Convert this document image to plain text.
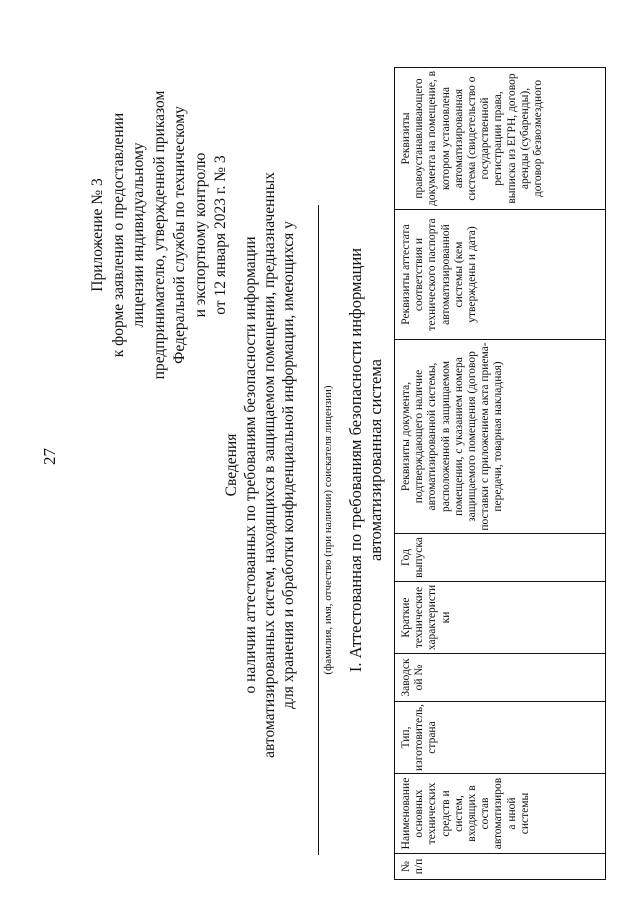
27
Приложение № 3 к форме заявления о предоставлении лицензии индивидуальному предпринимателю, утвержденной приказом Федеральной службы по техническому и экспортному контролю от 12 января 2023 г. № 3
Сведения о наличии аттестованных по требованиям безопасности информации автоматизированных систем, находящихся в защищаемом помещении, предназначенных для хранения и обработки конфиденциальной информации, имеющихся у	(фамилия, имя, отчество (при наличии) соискателя лицензии) I. Аттестованная по требованиям безопасности информации автоматизированная система
№ п/п	Наименование основных технических средств и систем, входящих в состав автоматизирова нной системы	Тип, изготовитель, страна	Заводской №	Краткие технические характеристи ки	Год выпуска	Реквизиты документа, подтверждающего наличие автоматизированной системы, расположенной в защищаемом помещении, с указанием номера защищаемого помещения (договор поставки с приложением акта приема-передачи, товарная накладная)	Реквизиты аттестата соответствия и технического паспорта автоматизированной системы (кем утверждены и дата)	Реквизиты правоустанавливающего документа на помещение, в котором установлена автоматизированная система (свидетельство о государственной регистрации права, выписка из ЕГРН, договор аренды (субаренды), договор безвозмездного
